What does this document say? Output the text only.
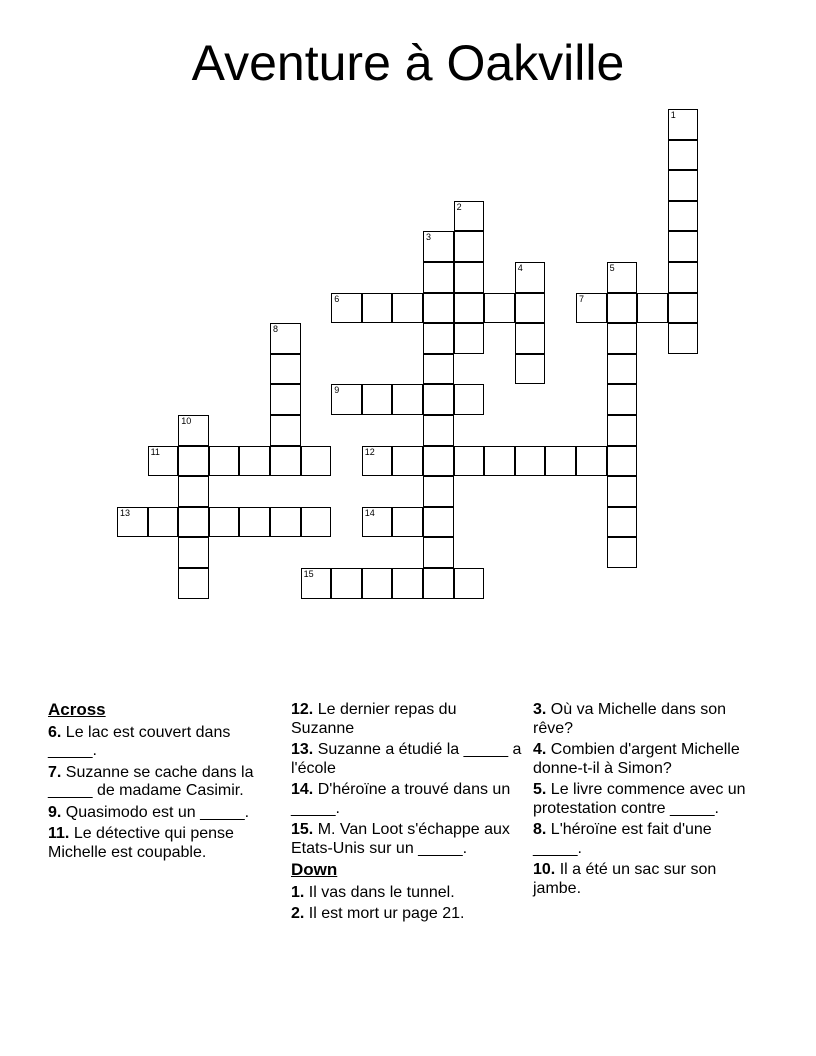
Aventure à Oakville
1
2
3
4	5
6	7
8
9
10
11	12
13	14
15
Across
6. Le lac est couvert dans _____.
7. Suzanne se cache dans la _____ de madame Casimir.
9. Quasimodo est un _____.
11. Le détective qui pense Michelle est coupable.
12. Le dernier repas du Suzanne
13. Suzanne a étudié la _____ a l'école
14. D'héroïne a trouvé dans un _____.
15. M. Van Loot s'échappe aux Etats-Unis sur un _____.
Down
1. Il vas dans le tunnel.
2. Il est mort ur page 21.
3. Où va Michelle dans son rêve?
4. Combien d'argent Michelle donne-t-il à Simon?
5. Le livre commence avec un protestation contre _____.
8. L'héroïne est fait d'une _____.
10. Il a été un sac sur son jambe.
